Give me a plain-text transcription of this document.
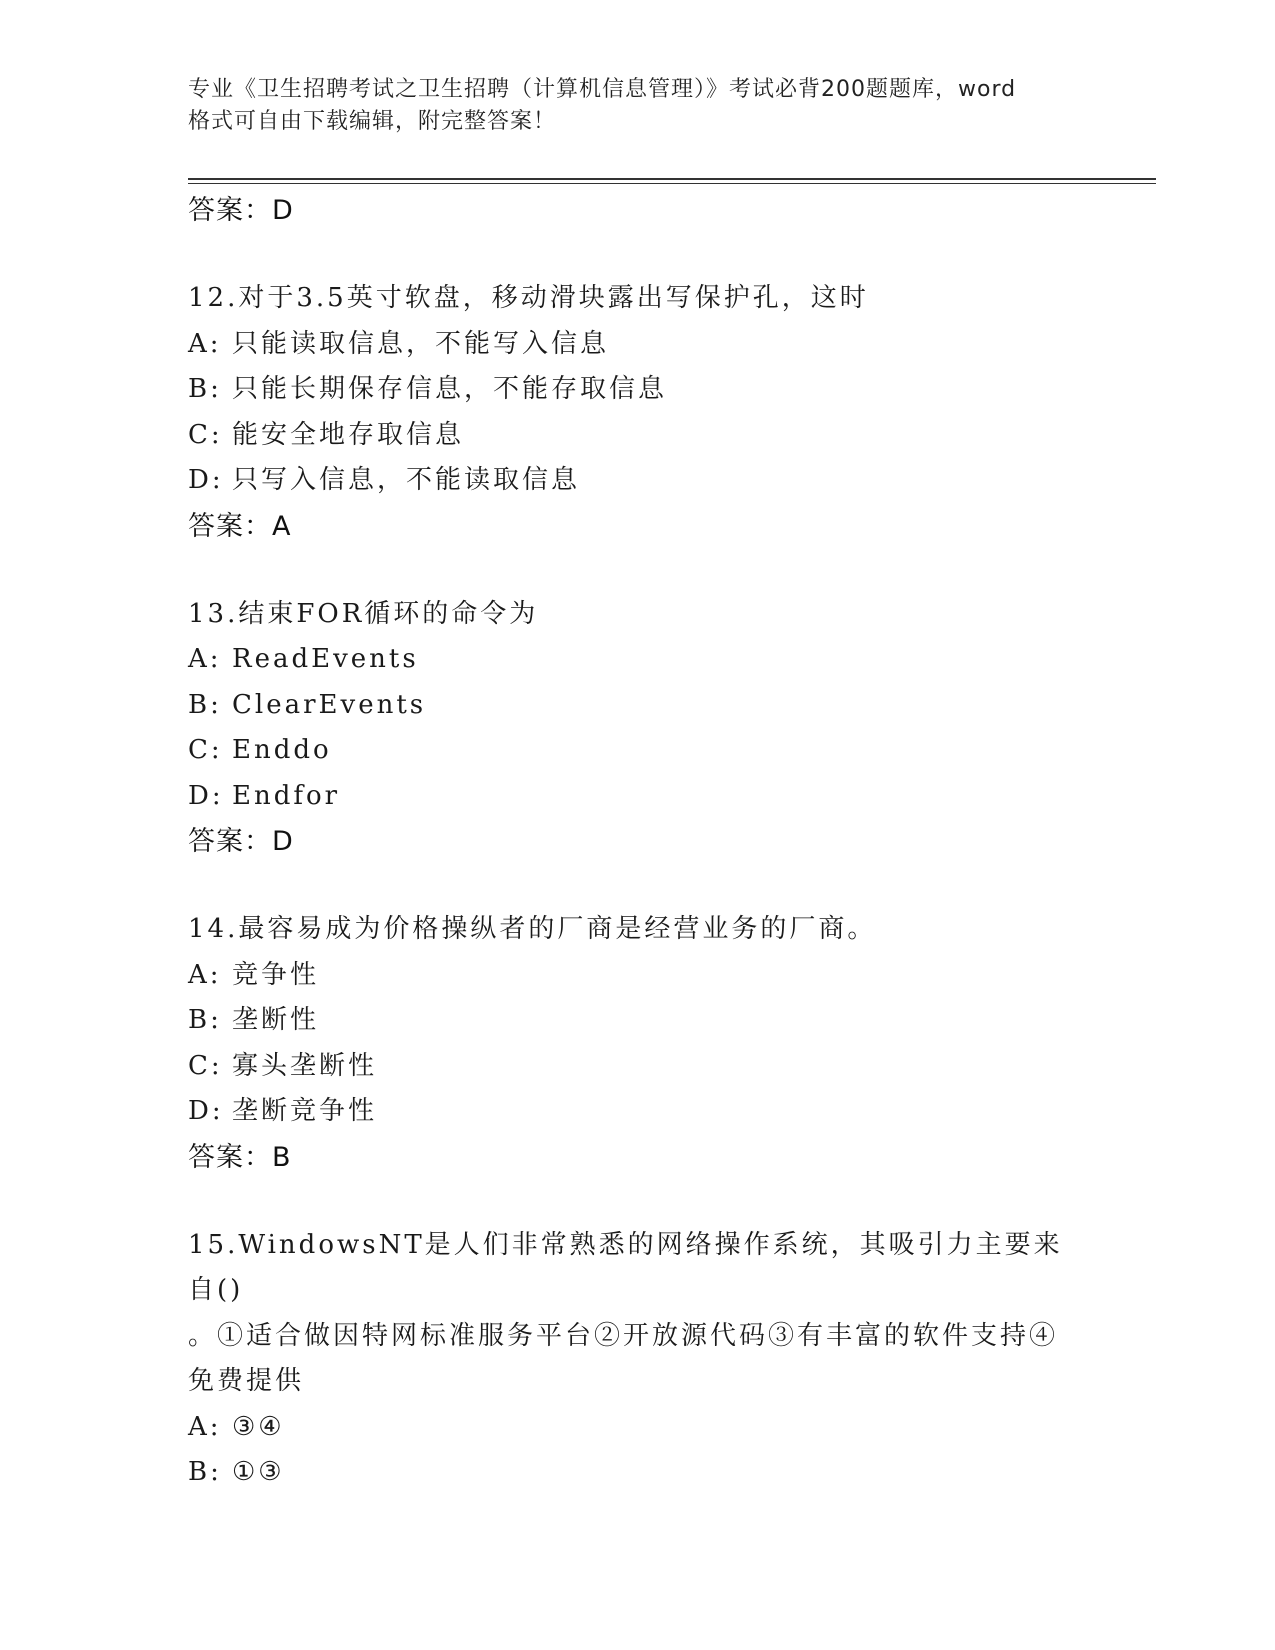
专业《卫生招聘考试之卫生招聘（计算机信息管理）》考试必背200题题库，word
格式可自由下载编辑，附完整答案！
答案：D
12.对于3.5英寸软盘，移动滑块露出写保护孔，这时
A: 只能读取信息，不能写入信息
B: 只能长期保存信息，不能存取信息
C: 能安全地存取信息
D: 只写入信息，不能读取信息
答案：A
13.结束FOR循环的命令为
A: ReadEvents
B: ClearEvents
C: Enddo
D: Endfor
答案：D
14.最容易成为价格操纵者的厂商是经营业务的厂商。
A: 竞争性
B: 垄断性
C: 寡头垄断性
D: 垄断竞争性
答案：B
15.WindowsNT是人们非常熟悉的网络操作系统，其吸引力主要来自()
。①适合做因特网标准服务平台②开放源代码③有丰富的软件支持④
免费提供
A: ③④
B: ①③
